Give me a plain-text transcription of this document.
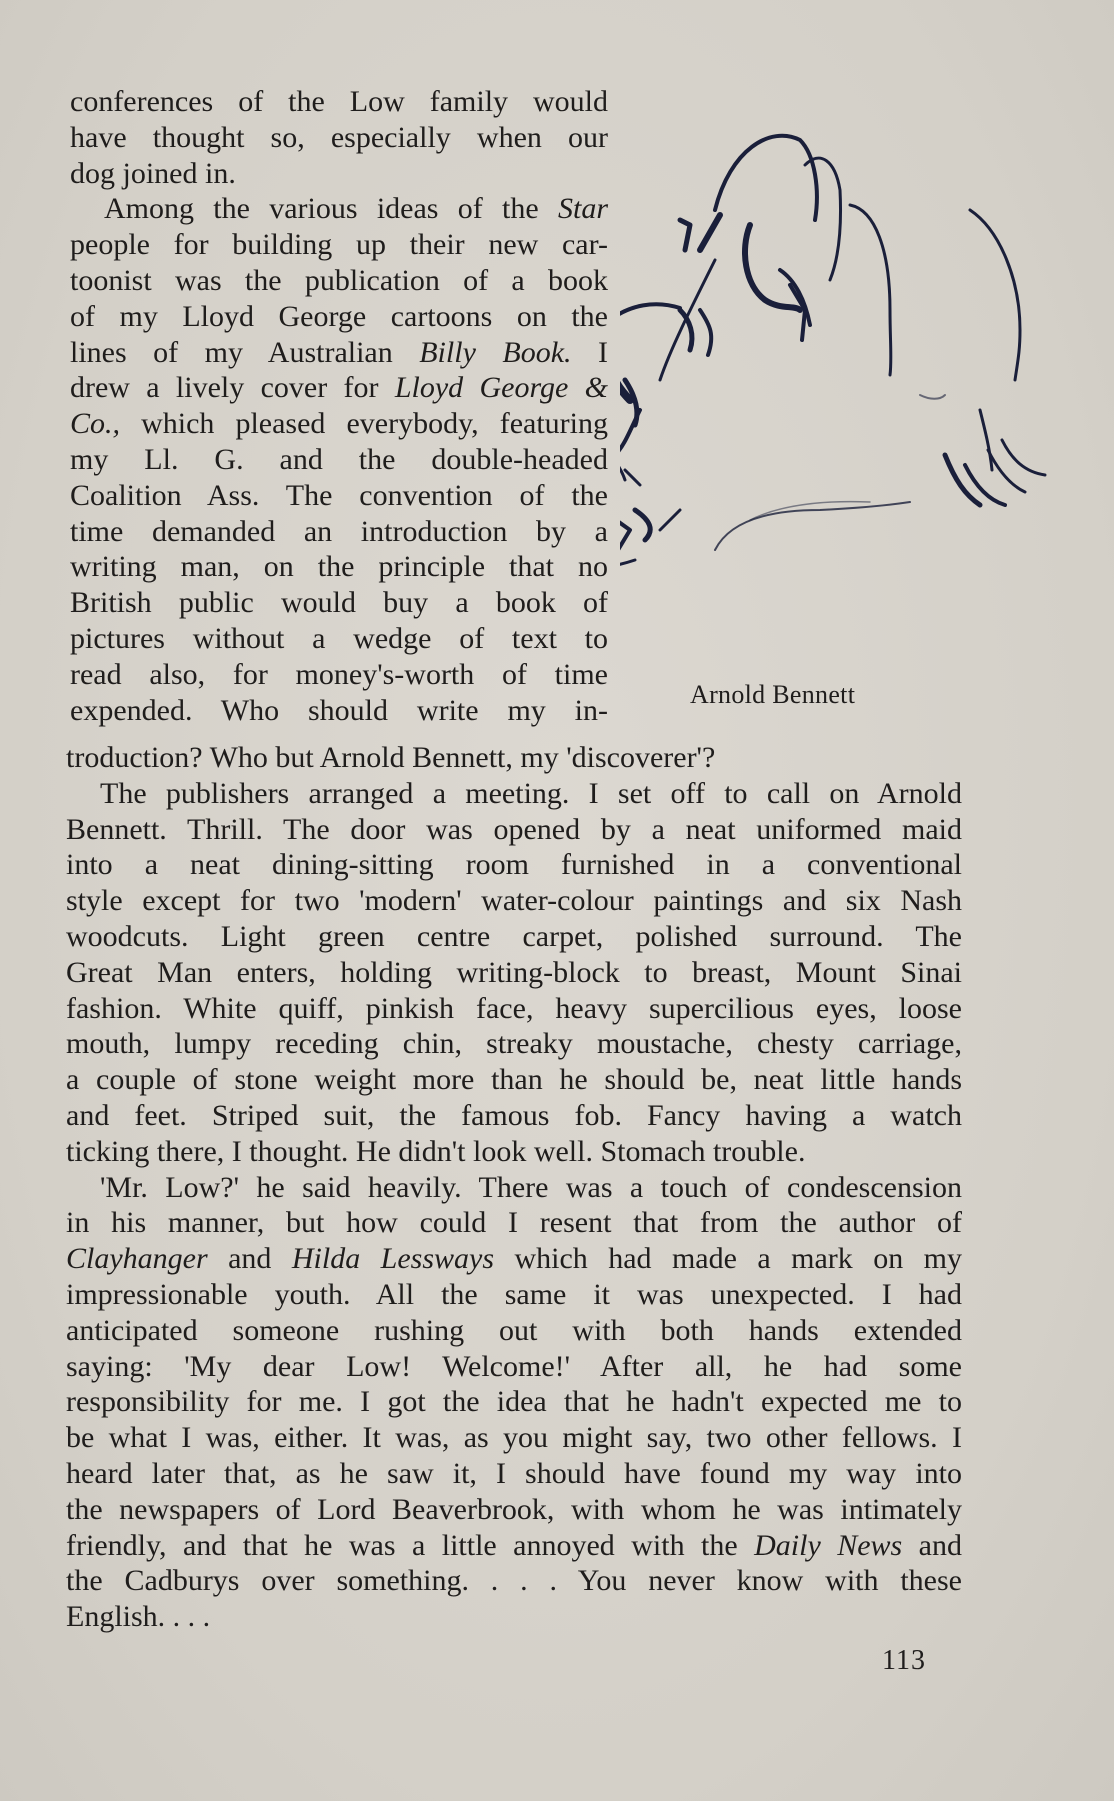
conferences of the Low family would
have thought so, especially when our
dog joined in.
Among the various ideas of the Star
people for building up their new car-
toonist was the publication of a book
of my Lloyd George cartoons on the
lines of my Australian Billy Book. I
drew a lively cover for Lloyd George &
Co., which pleased everybody, featuring
my Ll. G. and the double-headed
Coalition Ass. The convention of the
time demanded an introduction by a
writing man, on the principle that no
British public would buy a book of
pictures without a wedge of text to
read also, for money's-worth of time
expended. Who should write my in-	Arnold Bennett
troduction? Who but Arnold Bennett, my 'discoverer'?
The publishers arranged a meeting. I set off to call on Arnold
Bennett. Thrill. The door was opened by a neat uniformed maid
into a neat dining-sitting room furnished in a conventional
style except for two 'modern' water-colour paintings and six Nash
woodcuts. Light green centre carpet, polished surround. The
Great Man enters, holding writing-block to breast, Mount Sinai
fashion. White quiff, pinkish face, heavy supercilious eyes, loose
mouth, lumpy receding chin, streaky moustache, chesty carriage,
a couple of stone weight more than he should be, neat little hands
and feet. Striped suit, the famous fob. Fancy having a watch
ticking there, I thought. He didn't look well. Stomach trouble.
'Mr. Low?' he said heavily. There was a touch of condescension
in his manner, but how could I resent that from the author of
Clayhanger and Hilda Lessways which had made a mark on my
impressionable youth. All the same it was unexpected. I had
anticipated someone rushing out with both hands extended
saying: 'My dear Low! Welcome!' After all, he had some
responsibility for me. I got the idea that he hadn't expected me to
be what I was, either. It was, as you might say, two other fellows. I
heard later that, as he saw it, I should have found my way into
the newspapers of Lord Beaverbrook, with whom he was intimately
friendly, and that he was a little annoyed with the Daily News and
the Cadburys over something. . . . You never know with these
English. . . .
113
